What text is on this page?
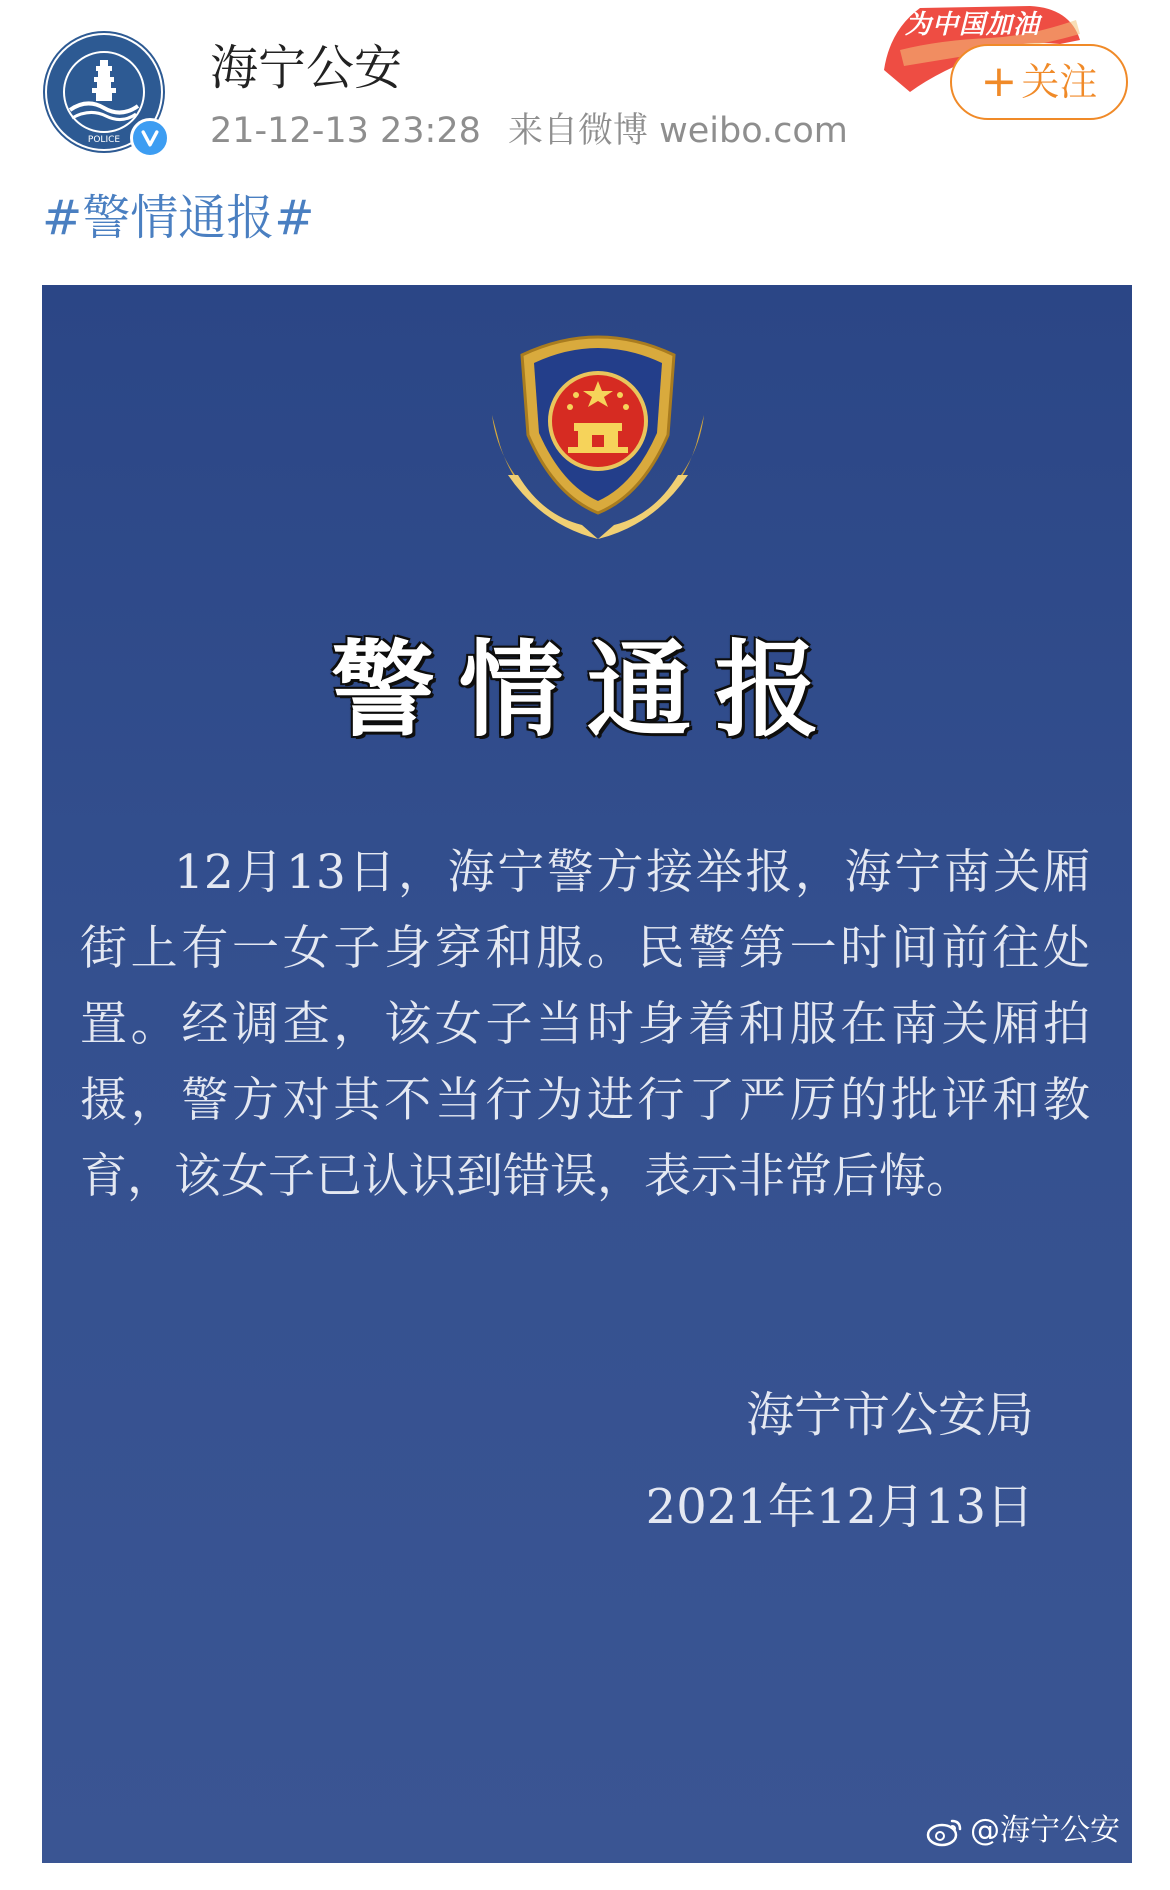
POLICE
海宁公安
21-12-13 23:28 来自微博 weibo.com
为中国加油
+ 关注
#警情通报#
警情通报
12月13日，海宁警方接举报，海宁南关厢街上有一女子身穿和服。民警第一时间前往处置。经调查，该女子当时身着和服在南关厢拍摄，警方对其不当行为进行了严厉的批评和教育，该女子已认识到错误，表示非常后悔。
海宁市公安局
2021年12月13日
@海宁公安
